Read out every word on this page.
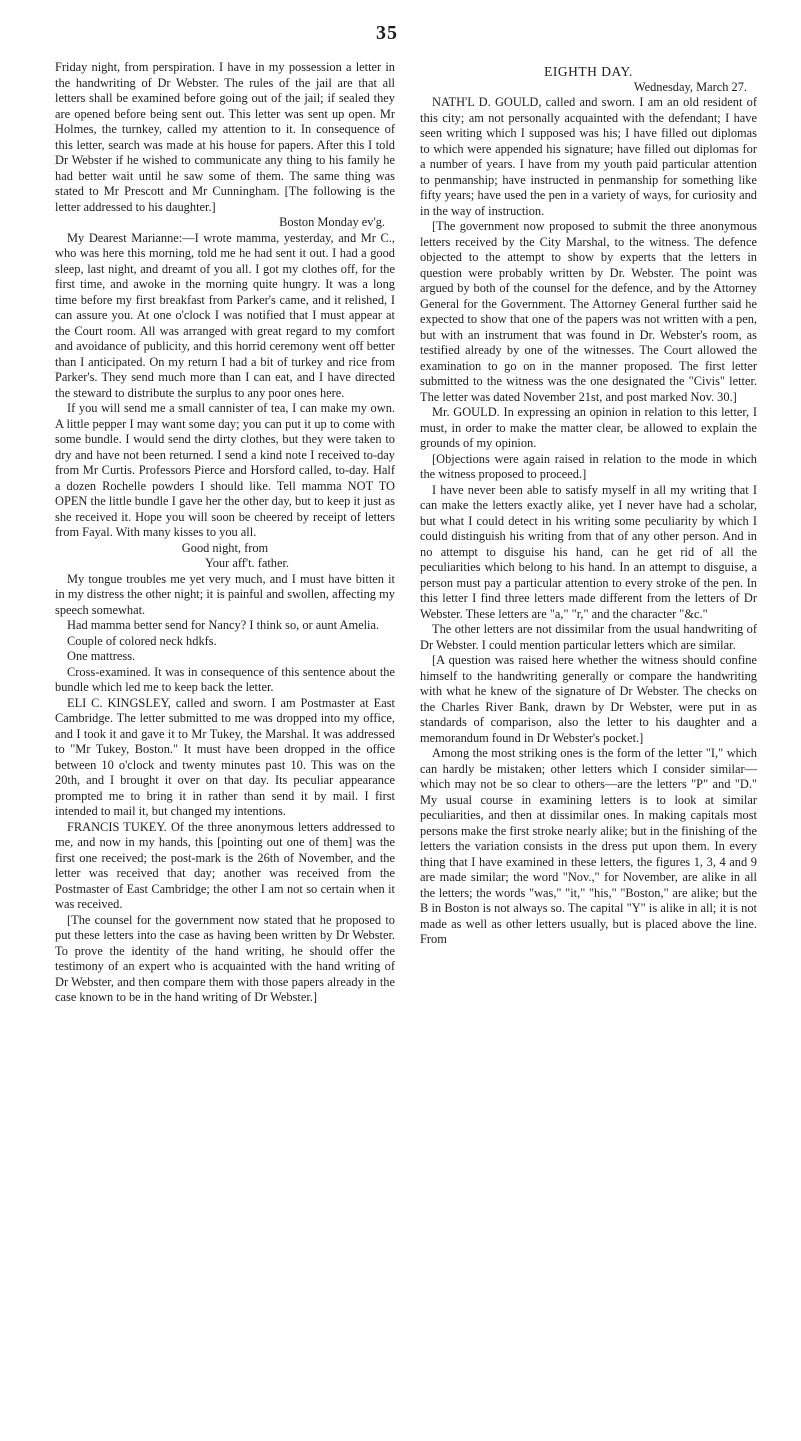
35

Friday night, from perspiration. I have in my possession a letter in the handwriting of Dr Webster. The rules of the jail are that all letters shall be examined before going out of the jail; if sealed they are opened before being sent out. This letter was sent up open. Mr Holmes, the turnkey, called my attention to it. In consequence of this letter, search was made at his house for papers. After this I told Dr Webster if he wished to communicate any thing to his family he had better wait until he saw some of them. The same thing was stated to Mr Prescott and Mr Cunningham. [The following is the letter addressed to his daughter.]

Boston Monday ev'g.

My Dearest Marianne:—I wrote mamma, yesterday, and Mr C., who was here this morning, told me he had sent it out. I had a good sleep, last night, and dreamt of you all. I got my clothes off, for the first time, and awoke in the morning quite hungry. It was a long time before my first breakfast from Parker's came, and it relished, I can assure you. At one o'clock I was notified that I must appear at the Court room. All was arranged with great regard to my comfort and avoidance of publicity, and this horrid ceremony went off better than I anticipated. On my return I had a bit of turkey and rice from Parker's. They send much more than I can eat, and I have directed the steward to distribute the surplus to any poor ones here.

If you will send me a small cannister of tea, I can make my own. A little pepper I may want some day; you can put it up to come with some bundle. I would send the dirty clothes, but they were taken to dry and have not been returned. I send a kind note I received to-day from Mr Curtis. Professors Pierce and Horsford called, to-day. Half a dozen Rochelle powders I should like. Tell mamma NOT TO OPEN the little bundle I gave her the other day, but to keep it just as she received it. Hope you will soon be cheered by receipt of letters from Fayal. With many kisses to you all.

Good night, from

Your aff't. father.

My tongue troubles me yet very much, and I must have bitten it in my distress the other night; it is painful and swollen, affecting my speech somewhat.

Had mamma better send for Nancy? I think so, or aunt Amelia.

Couple of colored neck hdkfs.

One mattress.

Cross-examined. It was in consequence of this sentence about the bundle which led me to keep back the letter.

ELI C. KINGSLEY, called and sworn. I am Postmaster at East Cambridge. The letter submitted to me was dropped into my office, and I took it and gave it to Mr Tukey, the Marshal. It was addressed to "Mr Tukey, Boston." It must have been dropped in the office between 10 o'clock and twenty minutes past 10. This was on the 20th, and I brought it over on that day. Its peculiar appearance prompted me to bring it in rather than send it by mail. I first intended to mail it, but changed my intentions.

FRANCIS TUKEY. Of the three anonymous letters addressed to me, and now in my hands, this [pointing out one of them] was the first one received; the post-mark is the 26th of November, and the letter was received that day; another was received from the Postmaster of East Cambridge; the other I am not so certain when it was received.

[The counsel for the government now stated that he proposed to put these letters into the case as having been written by Dr Webster. To prove the identity of the hand writing, he should offer the testimony of an expert who is acquainted with the hand writing of Dr Webster, and then compare them with those papers already in the case known to be in the hand writing of Dr Webster.]

EIGHTH DAY.

Wednesday, March 27.

NATH'L D. GOULD, called and sworn. I am an old resident of this city; am not personally acquainted with the defendant; I have seen writing which I supposed was his; I have filled out diplomas to which were appended his signature; have filled out diplomas for a number of years. I have from my youth paid particular attention to penmanship; have instructed in penmanship for something like fifty years; have used the pen in a variety of ways, for curiosity and in the way of instruction.

[The government now proposed to submit the three anonymous letters received by the City Marshal, to the witness. The defence objected to the attempt to show by experts that the letters in question were probably written by Dr. Webster. The point was argued by both of the counsel for the defence, and by the Attorney General for the Government. The Attorney General further said he expected to show that one of the papers was not written with a pen, but with an instrument that was found in Dr. Webster's room, as testified already by one of the witnesses. The Court allowed the examination to go on in the manner proposed. The first letter submitted to the witness was the one designated the "Civis" letter. The letter was dated November 21st, and post marked Nov. 30.]

Mr. GOULD. In expressing an opinion in relation to this letter, I must, in order to make the matter clear, be allowed to explain the grounds of my opinion.

[Objections were again raised in relation to the mode in which the witness proposed to proceed.]

I have never been able to satisfy myself in all my writing that I can make the letters exactly alike, yet I never have had a scholar, but what I could detect in his writing some peculiarity by which I could distinguish his writing from that of any other person. And in no attempt to disguise his hand, can he get rid of all the peculiarities which belong to his hand. In an attempt to disguise, a person must pay a particular attention to every stroke of the pen. In this letter I find three letters made different from the letters of Dr Webster. These letters are "a," "r," and the character "&c."

The other letters are not dissimilar from the usual handwriting of Dr Webster. I could mention particular letters which are similar.

[A question was raised here whether the witness should confine himself to the handwriting generally or compare the handwriting with what he knew of the signature of Dr Webster. The checks on the Charles River Bank, drawn by Dr Webster, were put in as standards of comparison, also the letter to his daughter and a memorandum found in Dr Webster's pocket.]

Among the most striking ones is the form of the letter "I," which can hardly be mistaken; other letters which I consider similar—which may not be so clear to others—are the letters "P" and "D." My usual course in examining letters is to look at similar peculiarities, and then at dissimilar ones. In making capitals most persons make the first stroke nearly alike; but in the finishing of the letters the variation consists in the dress put upon them. In every thing that I have examined in these letters, the figures 1, 3, 4 and 9 are made similar; the word "Nov.," for November, are alike in all the letters; the words "was," "it," "his," "Boston," are alike; but the B in Boston is not always so. The capital "Y" is alike in all; it is not made as well as other letters usually, but is placed above the line. From
